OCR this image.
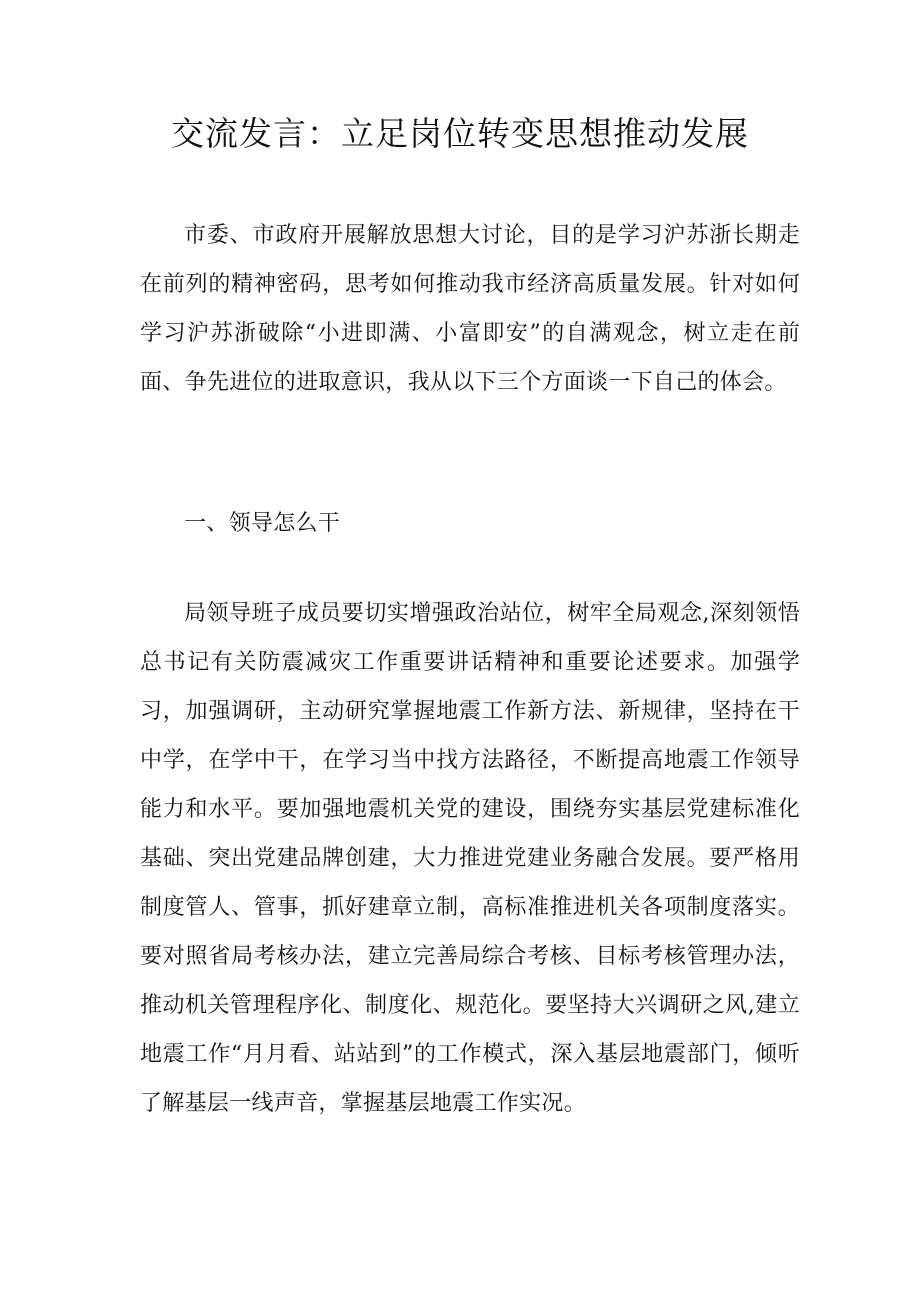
交流发言：立足岗位转变思想推动发展

市委、市政府开展解放思想大讨论，目的是学习沪苏浙长期走在前列的精神密码，思考如何推动我市经济高质量发展。针对如何学习沪苏浙破除“小进即满、小富即安”的自满观念，树立走在前面、争先进位的进取意识，我从以下三个方面谈一下自己的体会。

一、领导怎么干

局领导班子成员要切实增强政治站位，树牢全局观念,深刻领悟总书记有关防震减灾工作重要讲话精神和重要论述要求。加强学习，加强调研，主动研究掌握地震工作新方法、新规律，坚持在干中学，在学中干，在学习当中找方法路径，不断提高地震工作领导能力和水平。要加强地震机关党的建设，围绕夯实基层党建标准化基础、突出党建品牌创建，大力推进党建业务融合发展。要严格用制度管人、管事，抓好建章立制，高标准推进机关各项制度落实。要对照省局考核办法，建立完善局综合考核、目标考核管理办法，推动机关管理程序化、制度化、规范化。要坚持大兴调研之风,建立地震工作“月月看、站站到”的工作模式，深入基层地震部门，倾听了解基层一线声音，掌握基层地震工作实况。
